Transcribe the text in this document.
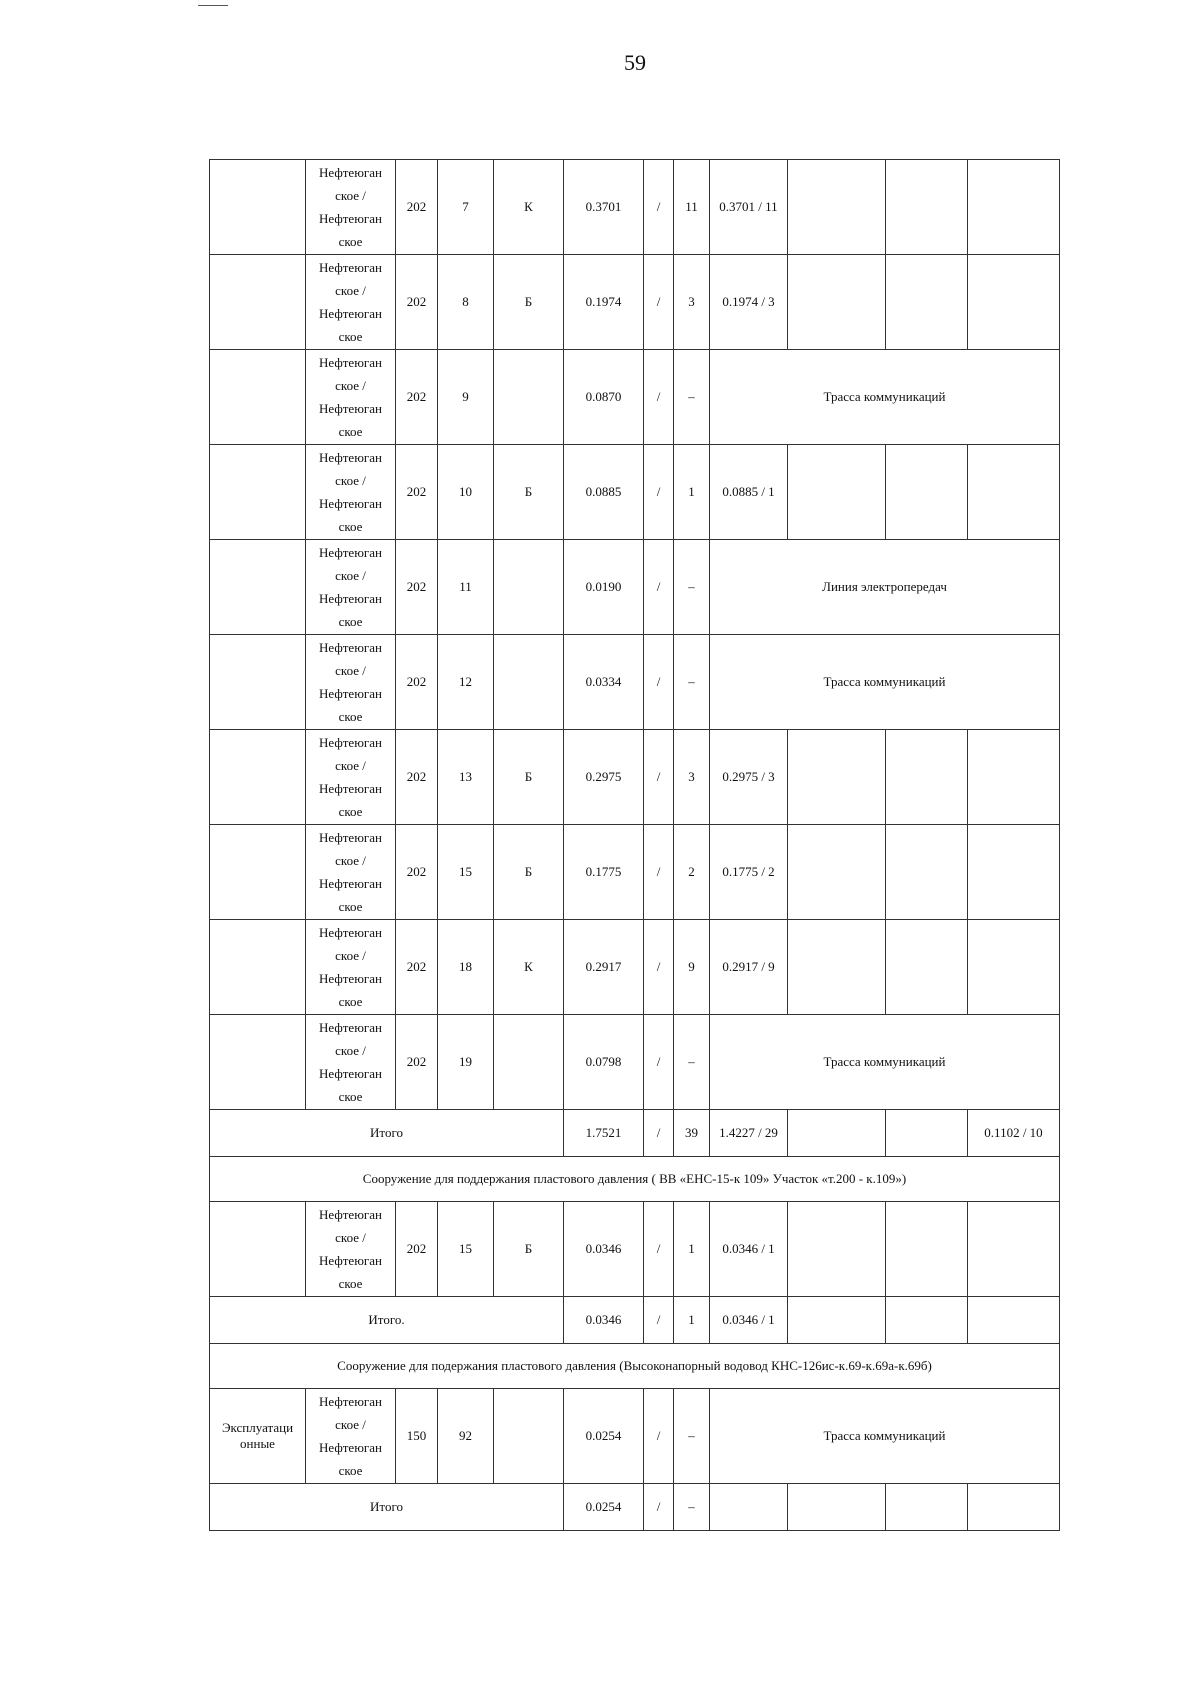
59

	Нефтеюган
ское /
Нефтеюган
ское	202	7	К	0.3701	/	11	0.3701 / 11			

	Нефтеюган
ское /
Нефтеюган
ское	202	8	Б	0.1974	/	3	0.1974 / 3			

	Нефтеюган
ское /
Нефтеюган
ское	202	9		0.0870	/	–	Трасса коммуникаций			

	Нефтеюган
ское /
Нефтеюган
ское	202	10	Б	0.0885	/	1	0.0885 / 1			

	Нефтеюган
ское /
Нефтеюган
ское	202	11		0.0190	/	–	Линия электропередач			

	Нефтеюган
ское /
Нефтеюган
ское	202	12		0.0334	/	–	Трасса коммуникаций			

	Нефтеюган
ское /
Нефтеюган
ское	202	13	Б	0.2975	/	3	0.2975 / 3			

	Нефтеюган
ское /
Нефтеюган
ское	202	15	Б	0.1775	/	2	0.1775 / 2			

	Нефтеюган
ское /
Нефтеюган
ское	202	18	К	0.2917	/	9	0.2917 / 9			

	Нефтеюган
ское /
Нефтеюган
ское	202	19		0.0798	/	–	Трасса коммуникаций			
Итого					1.7521	/	39	1.4227 / 29			0.1102 / 10
Сооружение для поддержания пластового давления ( ВВ «ЕНС-15-к 109» Участок «т.200 - к.109»)											

	Нефтеюган
ское /
Нефтеюган
ское	202	15	Б	0.0346	/	1	0.0346 / 1			
Итого.					0.0346	/	1	0.0346 / 1			
Сооружение для подержания пластового давления (Высоконапорный водовод КНС-126ис-к.69-к.69а-к.69б)											
Эксплуатаци онные	Нефтеюган
ское /
Нефтеюган
ское	150	92		0.0254	/	–	Трасса коммуникаций			
Итого					0.0254	/	–				
